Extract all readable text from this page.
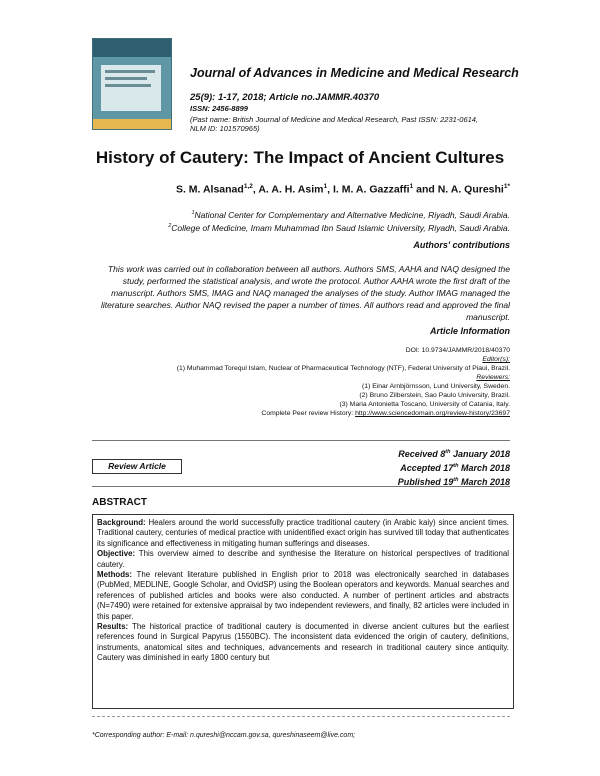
Journal of Advances in Medicine and Medical Research
25(9): 1-17, 2018; Article no.JAMMR.40370
ISSN: 2456-8899
(Past name: British Journal of Medicine and Medical Research, Past ISSN: 2231-0614,
NLM ID: 101570965)
History of Cautery: The Impact of Ancient Cultures
S. M. Alsanad$^{1,2}$, A. A. H. Asim$^1$, I. M. A. Gazzaffi$^1$ and N. A. Qureshi$^{1*}$
$^1$National Center for Complementary and Alternative Medicine, Riyadh, Saudi Arabia.
$^2$College of Medicine, Imam Muhammad Ibn Saud Islamic University, Riyadh, Saudi Arabia.
Authors' contributions
This work was carried out in collaboration between all authors. Authors SMS, AAHA and NAQ designed the study, performed the statistical analysis, and wrote the protocol. Author AAHA wrote the first draft of the manuscript. Authors SMS, IMAG and NAQ managed the analyses of the study. Author IMAG managed the literature searches. Author NAQ revised the paper a number of times. All authors read and approved the final manuscript.
Article Information
DOI: 10.9734/JAMMR/2018/40370
Editor(s):
(1) Muhammad Torequl Islam, Nuclear of Pharmaceutical Technology (NTF), Federal University of Piaui, Brazil.
Reviewers:
(1) Einar Arnbjörnsson, Lund University, Sweden.
(2) Bruno Zilberstein, Sao Paulo University, Brazil.
(3) Maria Antonietta Toscano, University of Catania, Italy.
Complete Peer review History: http://www.sciencedomain.org/review-history/23697
Review Article
Received 8th January 2018
Accepted 17th March 2018
Published 19th March 2018
ABSTRACT

Background: Healers around the world successfully practice traditional cautery (in Arabic kaiy) since ancient times. Traditional cautery, centuries of medical practice with unidentified exact origin has survived till today that authenticates its significance and effectiveness in mitigating human sufferings and diseases.

Objective: This overview aimed to describe and synthesise the literature on historical perspectives of traditional cautery.

Methods: The relevant literature published in English prior to 2018 was electronically searched in databases (PubMed, MEDLINE, Google Scholar, and OvidSP) using the Boolean operators and keywords. Manual searches and references of published articles and books were also conducted. A number of pertinent articles and abstracts (N=7490) were retained for extensive appraisal by two independent reviewers, and finally, 82 articles were included in this paper.

Results: The historical practice of traditional cautery is documented in diverse ancient cultures but the earliest references found in Surgical Papyrus (1550BC). The inconsistent data evidenced the origin of cautery, definitions, instruments, anatomical sites and techniques, advancements and research in traditional cautery since antiquity. Cautery was diminished in early 1800 century but

*Corresponding author: E-mail: n.qureshi@nccam.gov.sa, qureshinaseem@live.com;
